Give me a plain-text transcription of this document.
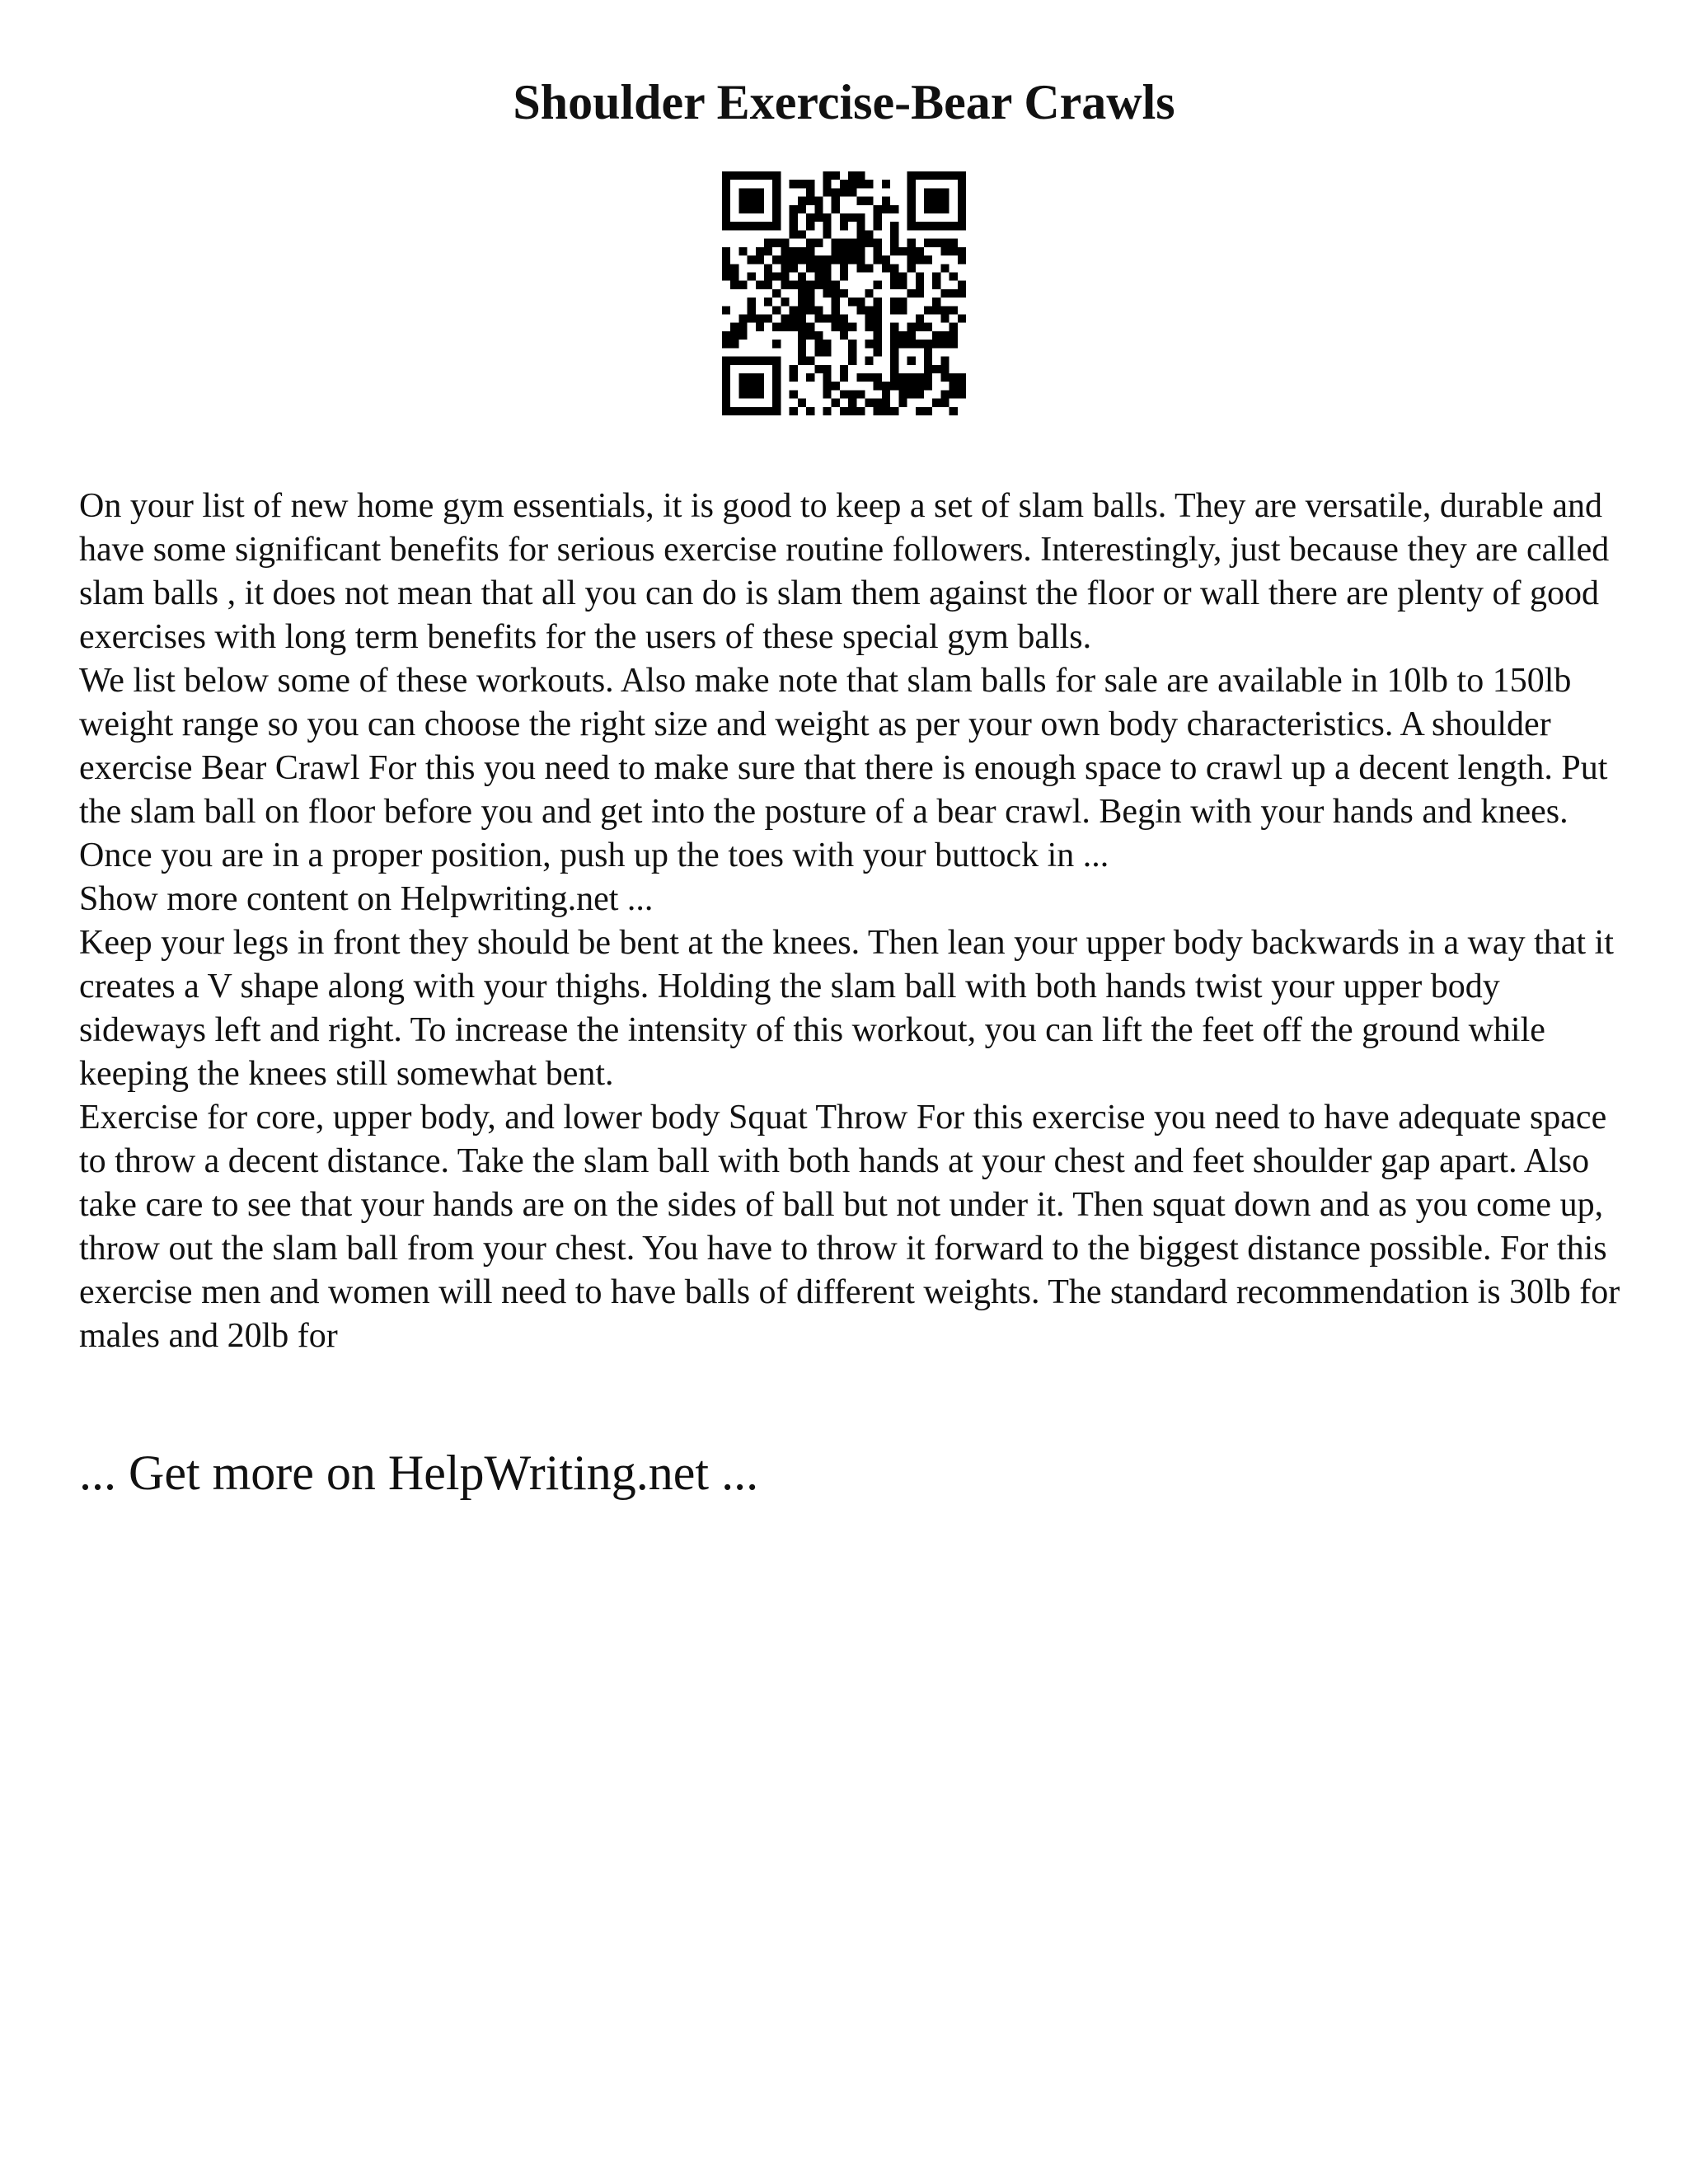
Shoulder Exercise-Bear Crawls

On your list of new home gym essentials, it is good to keep a set of slam balls. They are versatile, durable and have some significant benefits for serious exercise routine followers. Interestingly, just because they are called slam balls , it does not mean that all you can do is slam them against the floor or wall there are plenty of good exercises with long term benefits for the users of these special gym balls.

We list below some of these workouts. Also make note that slam balls for sale are available in 10lb to 150lb weight range so you can choose the right size and weight as per your own body characteristics. A shoulder exercise Bear Crawl For this you need to make sure that there is enough space to crawl up a decent length. Put the slam ball on floor before you and get into the posture of a bear crawl. Begin with your hands and knees. Once you are in a proper position, push up the toes with your buttock in ...

Show more content on Helpwriting.net ...

Keep your legs in front they should be bent at the knees. Then lean your upper body backwards in a way that it creates a V shape along with your thighs. Holding the slam ball with both hands twist your upper body sideways left and right. To increase the intensity of this workout, you can lift the feet off the ground while keeping the knees still somewhat bent.

Exercise for core, upper body, and lower body Squat Throw For this exercise you need to have adequate space to throw a decent distance. Take the slam ball with both hands at your chest and feet shoulder gap apart. Also take care to see that your hands are on the sides of ball but not under it. Then squat down and as you come up, throw out the slam ball from your chest. You have to throw it forward to the biggest distance possible. For this exercise men and women will need to have balls of different weights. The standard recommendation is 30lb for males and 20lb for

... Get more on HelpWriting.net ...
